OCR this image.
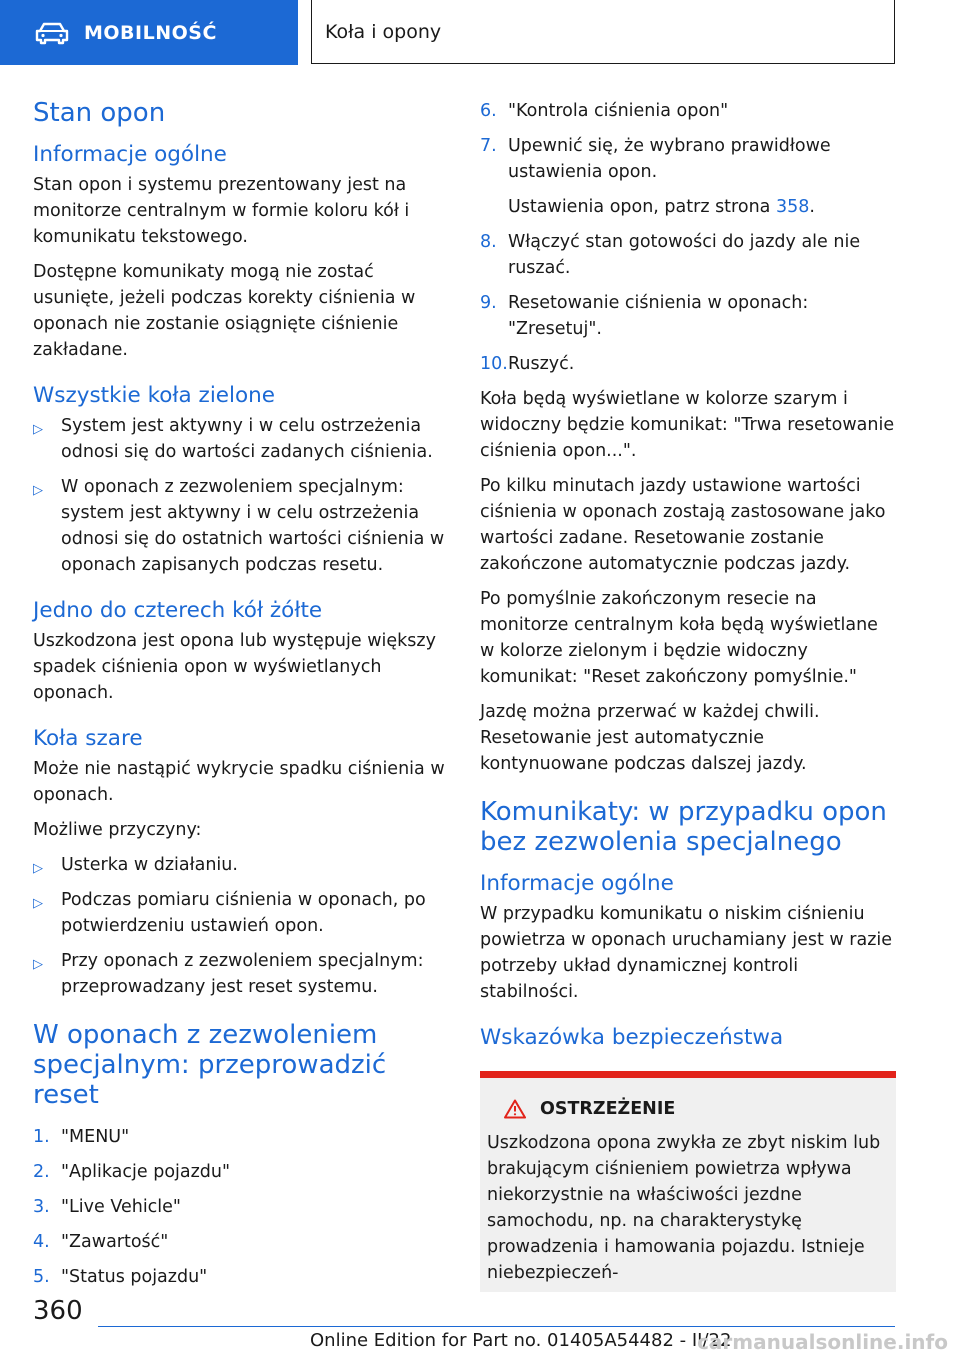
MOBILNOŚĆ	Koła i opony
Stan opon
Informacje ogólne

Stan opon i systemu prezentowany jest na monitorze centralnym w formie koloru kół i komunikatu tekstowego.

Dostępne komunikaty mogą nie zostać usunięte, jeżeli podczas korekty ciśnienia w oponach nie zostanie osiągnięte ciśnienie zakładane.

Wszystkie koła zielone
▷ System jest aktywny i w celu ostrzeżenia odnosi się do wartości zadanych ciśnienia.
▷ W oponach z zezwoleniem specjalnym: system jest aktywny i w celu ostrzeżenia odnosi się do ostatnich wartości ciśnienia w oponach zapisanych podczas resetu.
Jedno do czterech kół żółte

Uszkodzona jest opona lub występuje większy spadek ciśnienia opon w wyświetlanych oponach.

Koła szare

Może nie nastąpić wykrycie spadku ciśnienia w oponach.

Możliwe przyczyny:

▷ Usterka w działaniu.
▷ Podczas pomiaru ciśnienia w oponach, po potwierdzeniu ustawień opon.
▷ Przy oponach z zezwoleniem specjalnym: przeprowadzany jest reset systemu.
W oponach z zezwoleniem specjalnym: przeprowadzić reset
1. "MENU"
2. "Aplikacje pojazdu"
3. "Live Vehicle"
4. "Zawartość"
5. "Status pojazdu"
6. "Kontrola ciśnienia opon"
7. Upewnić się, że wybrano prawidłowe ustawienia opon.
Ustawienia opon, patrz strona 358.
8. Włączyć stan gotowości do jazdy ale nie ruszać.
9. Resetowanie ciśnienia w oponach: "Zresetuj".
10. Ruszyć.

Koła będą wyświetlane w kolorze szarym i widoczny będzie komunikat: "Trwa resetowanie ciśnienia opon...".

Po kilku minutach jazdy ustawione wartości ciśnienia w oponach zostają zastosowane jako wartości zadane. Resetowanie zostanie zakończone automatycznie podczas jazdy.

Po pomyślnie zakończonym resecie na monitorze centralnym koła będą wyświetlane w kolorze zielonym i będzie widoczny komunikat: "Reset zakończony pomyślnie."

Jazdę można przerwać w każdej chwili. Resetowanie jest automatycznie kontynuowane podczas dalszej jazdy.

Komunikaty: w przypadku opon bez zezwolenia specjalnego
Informacje ogólne

W przypadku komunikatu o niskim ciśnieniu powietrza w oponach uruchamiany jest w razie potrzeby układ dynamicznej kontroli stabilności.

Wskazówka bezpieczeństwa
OSTRZEŻENIE
Uszkodzona opona zwykła ze zbyt niskim lub brakującym ciśnieniem powietrza wpływa niekorzystnie na właściwości jezdne samochodu, np. na charakterystykę prowadzenia i hamowania pojazdu. Istnieje niebezpieczeń-
360
Online Edition for Part no. 01405A54482 - II/22
carmanualsonline.info
